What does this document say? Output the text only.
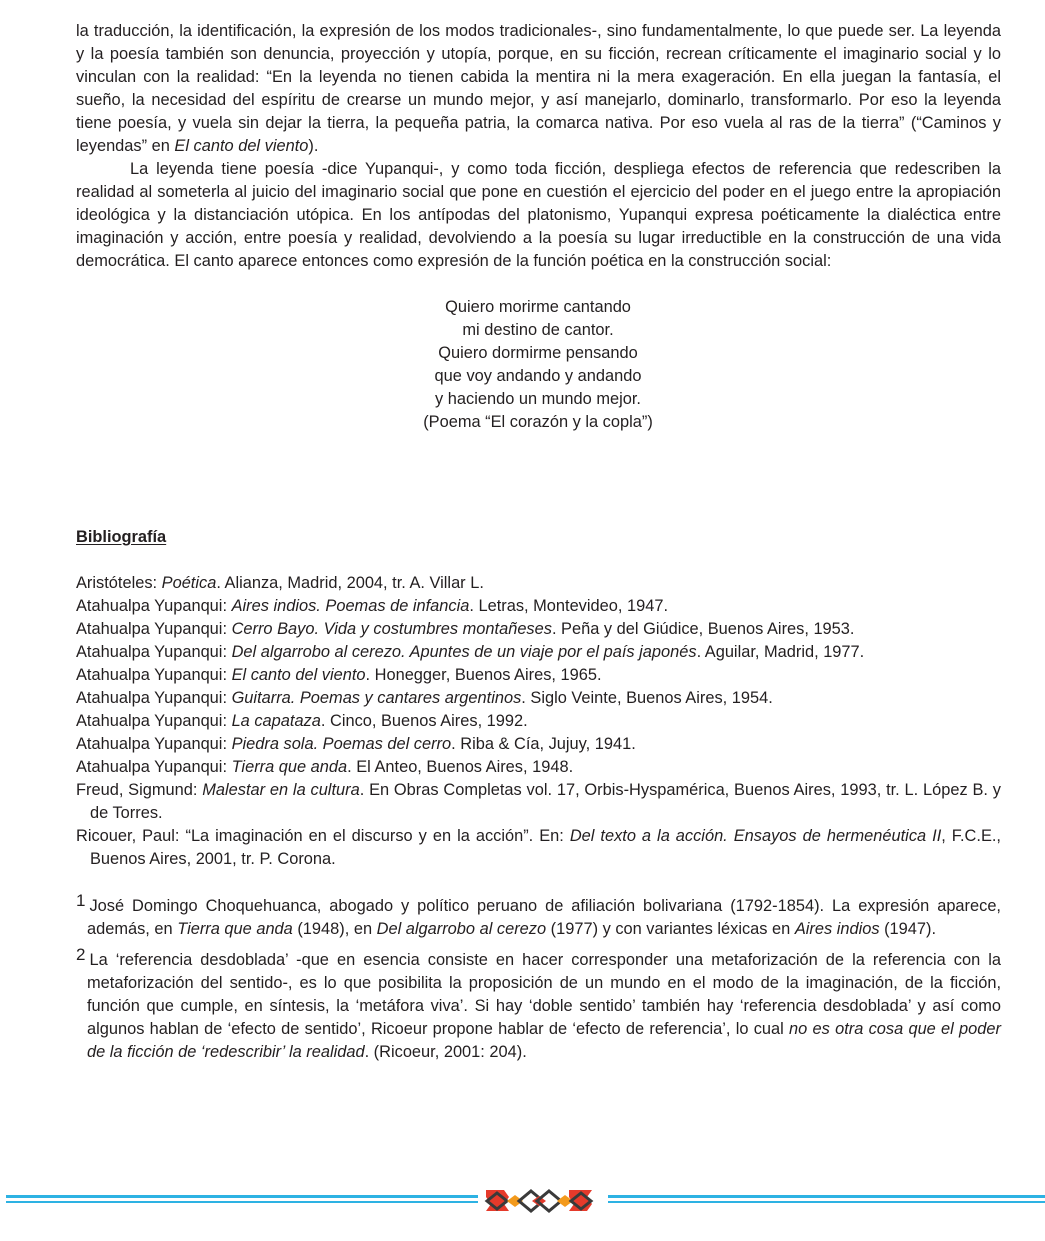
la traducción, la identificación, la expresión de los modos tradicionales-, sino fundamentalmente, lo que puede ser. La leyenda y la poesía también son denuncia, proyección y utopía, porque, en su ficción, recrean críticamente el imaginario social y lo vinculan con la realidad: “En la leyenda no tienen cabida la mentira ni la mera exageración. En ella juegan la fantasía, el sueño, la necesidad del espíritu de crearse un mundo mejor, y así manejarlo, dominarlo, transformarlo. Por eso la leyenda tiene poesía, y vuela sin dejar la tierra, la pequeña patria, la comarca nativa. Por eso vuela al ras de la tierra” (“Caminos y leyendas” en El canto del viento).

La leyenda tiene poesía -dice Yupanqui-, y como toda ficción, despliega efectos de referencia que redescriben la realidad al someterla al juicio del imaginario social que pone en cuestión el ejercicio del poder en el juego entre la apropiación ideológica y la distanciación utópica. En los antípodas del platonismo, Yupanqui expresa poéticamente la dialéctica entre imaginación y acción, entre poesía y realidad, devolviendo a la poesía su lugar irreductible en la construcción de una vida democrática. El canto aparece entonces como expresión de la función poética en la construcción social:

Quiero morirme cantando
mi destino de cantor.
Quiero dormirme pensando
que voy andando y andando
y haciendo un mundo mejor.
(Poema “El corazón y la copla”)
Bibliografía
Aristóteles: Poética. Alianza, Madrid, 2004, tr. A. Villar L.
Atahualpa Yupanqui: Aires indios. Poemas de infancia. Letras, Montevideo, 1947.
Atahualpa Yupanqui: Cerro Bayo. Vida y costumbres montañeses. Peña y del Giúdice, Buenos Aires, 1953.
Atahualpa Yupanqui: Del algarrobo al cerezo. Apuntes de un viaje por el país japonés. Aguilar, Madrid, 1977.
Atahualpa Yupanqui: El canto del viento. Honegger, Buenos Aires, 1965.
Atahualpa Yupanqui: Guitarra. Poemas y cantares argentinos. Siglo Veinte, Buenos Aires, 1954.
Atahualpa Yupanqui: La capataza. Cinco, Buenos Aires, 1992.
Atahualpa Yupanqui: Piedra sola. Poemas del cerro. Riba & Cía, Jujuy, 1941.
Atahualpa Yupanqui: Tierra que anda. El Anteo, Buenos Aires, 1948.
Freud, Sigmund: Malestar en la cultura. En Obras Completas vol. 17, Orbis-Hyspamérica, Buenos Aires, 1993, tr. L. López B. y de Torres.
Ricouer, Paul: “La imaginación en el discurso y en la acción”. En: Del texto a la acción. Ensayos de hermenéutica II, F.C.E., Buenos Aires, 2001, tr. P. Corona.
1 José Domingo Choquehuanca, abogado y político peruano de afiliación bolivariana (1792-1854). La expresión aparece, además, en Tierra que anda (1948), en Del algarrobo al cerezo (1977) y con variantes léxicas en Aires indios (1947).
2 La ‘referencia desdoblada’ -que en esencia consiste en hacer corresponder una metaforización de la referencia con la metaforización del sentido-, es lo que posibilita la proposición de un mundo en el modo de la imaginación, de la ficción, función que cumple, en síntesis, la ‘metáfora viva’. Si hay ‘doble sentido’ también hay ‘referencia desdoblada’ y así como algunos hablan de ‘efecto de sentido’, Ricoeur propone hablar de ‘efecto de referencia’, lo cual no es otra cosa que el poder de la ficción de ‘redescribir’ la realidad. (Ricoeur, 2001: 204).
